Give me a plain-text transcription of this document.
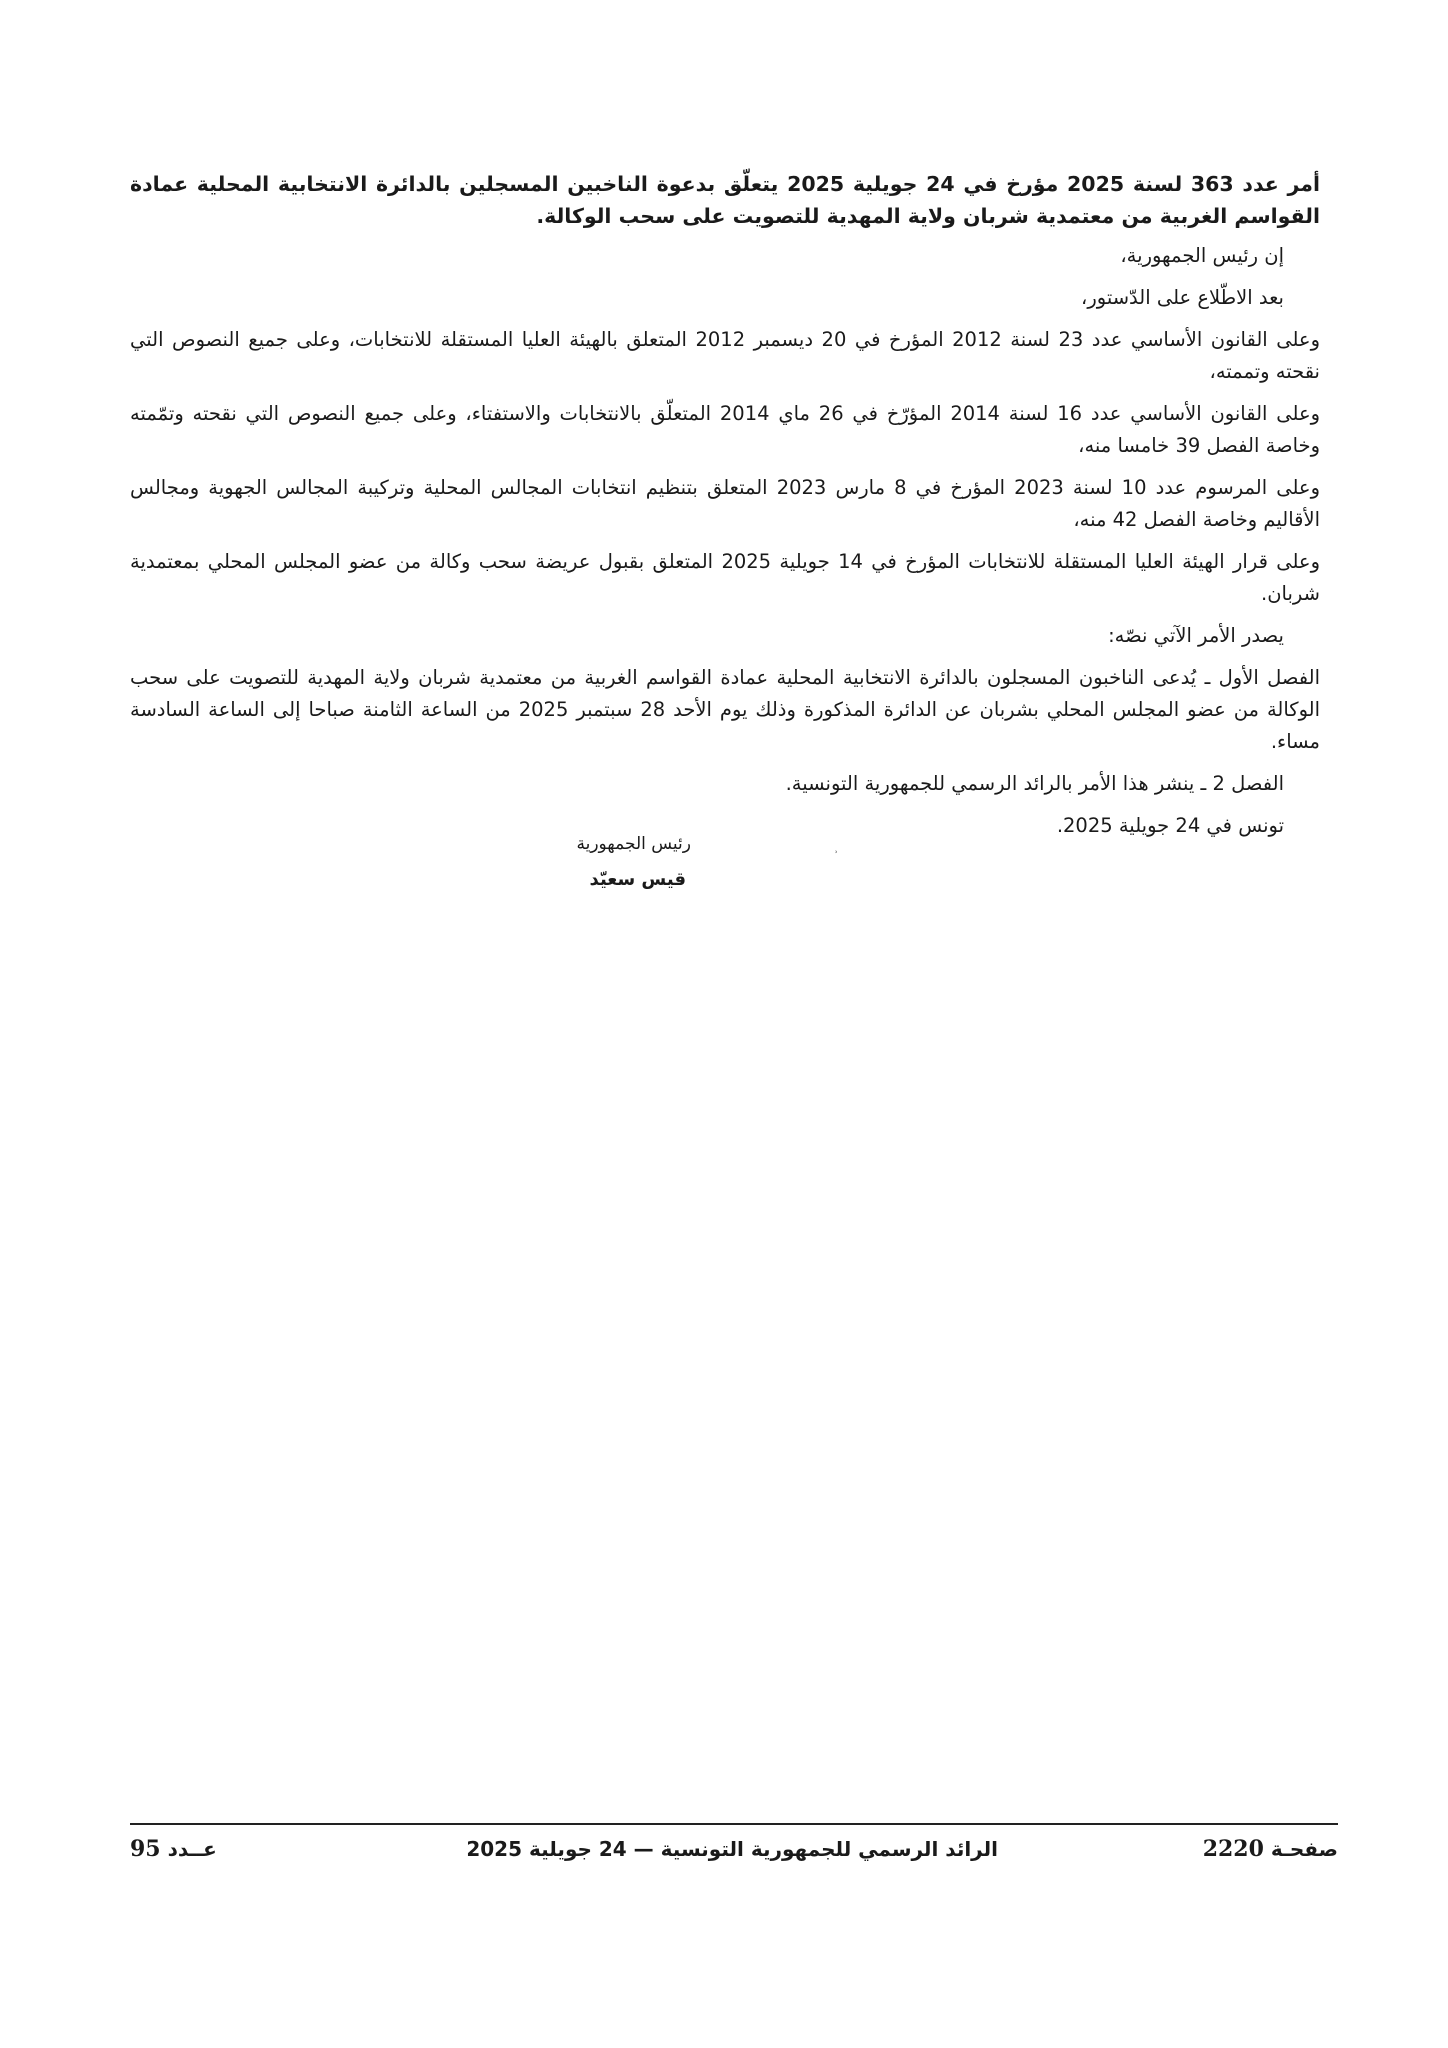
أمر عدد 363 لسنة 2025 مؤرخ في 24 جويلية 2025 يتعلّق بدعوة الناخبين المسجلين بالدائرة الانتخابية المحلية عمادة القواسم الغربية من معتمدية شربان ولاية المهدية للتصويت على سحب الوكالة.

إن رئيس الجمهورية،

بعد الاطّلاع على الدّستور،

وعلى القانون الأساسي عدد 23 لسنة 2012 المؤرخ في 20 ديسمبر 2012 المتعلق بالهيئة العليا المستقلة للانتخابات، وعلى جميع النصوص التي نقحته وتممته،

وعلى القانون الأساسي عدد 16 لسنة 2014 المؤرّخ في 26 ماي 2014 المتعلّق بالانتخابات والاستفتاء، وعلى جميع النصوص التي نقحته وتمّمته وخاصة الفصل 39 خامسا منه،

وعلى المرسوم عدد 10 لسنة 2023 المؤرخ في 8 مارس 2023 المتعلق بتنظيم انتخابات المجالس المحلية وتركيبة المجالس الجهوية ومجالس الأقاليم وخاصة الفصل 42 منه،

وعلى قرار الهيئة العليا المستقلة للانتخابات المؤرخ في 14 جويلية 2025 المتعلق بقبول عريضة سحب وكالة من عضو المجلس المحلي بمعتمدية شربان.

يصدر الأمر الآتي نصّه:

الفصل الأول ـ يُدعى الناخبون المسجلون بالدائرة الانتخابية المحلية عمادة القواسم الغربية من معتمدية شربان ولاية المهدية للتصويت على سحب الوكالة من عضو المجلس المحلي بشربان عن الدائرة المذكورة وذلك يوم الأحد 28 سبتمبر 2025 من الساعة الثامنة صباحا إلى الساعة السادسة مساء.

الفصل 2 ـ ينشر هذا الأمر بالرائد الرسمي للجمهورية التونسية.

تونس في 24 جويلية 2025.

رئيس الجمهورية
قيس سعيّد
ʾ
صفحـة 2220
الرائد الرسمي للجمهورية التونسية — 24 جويلية 2025
عــدد 95
